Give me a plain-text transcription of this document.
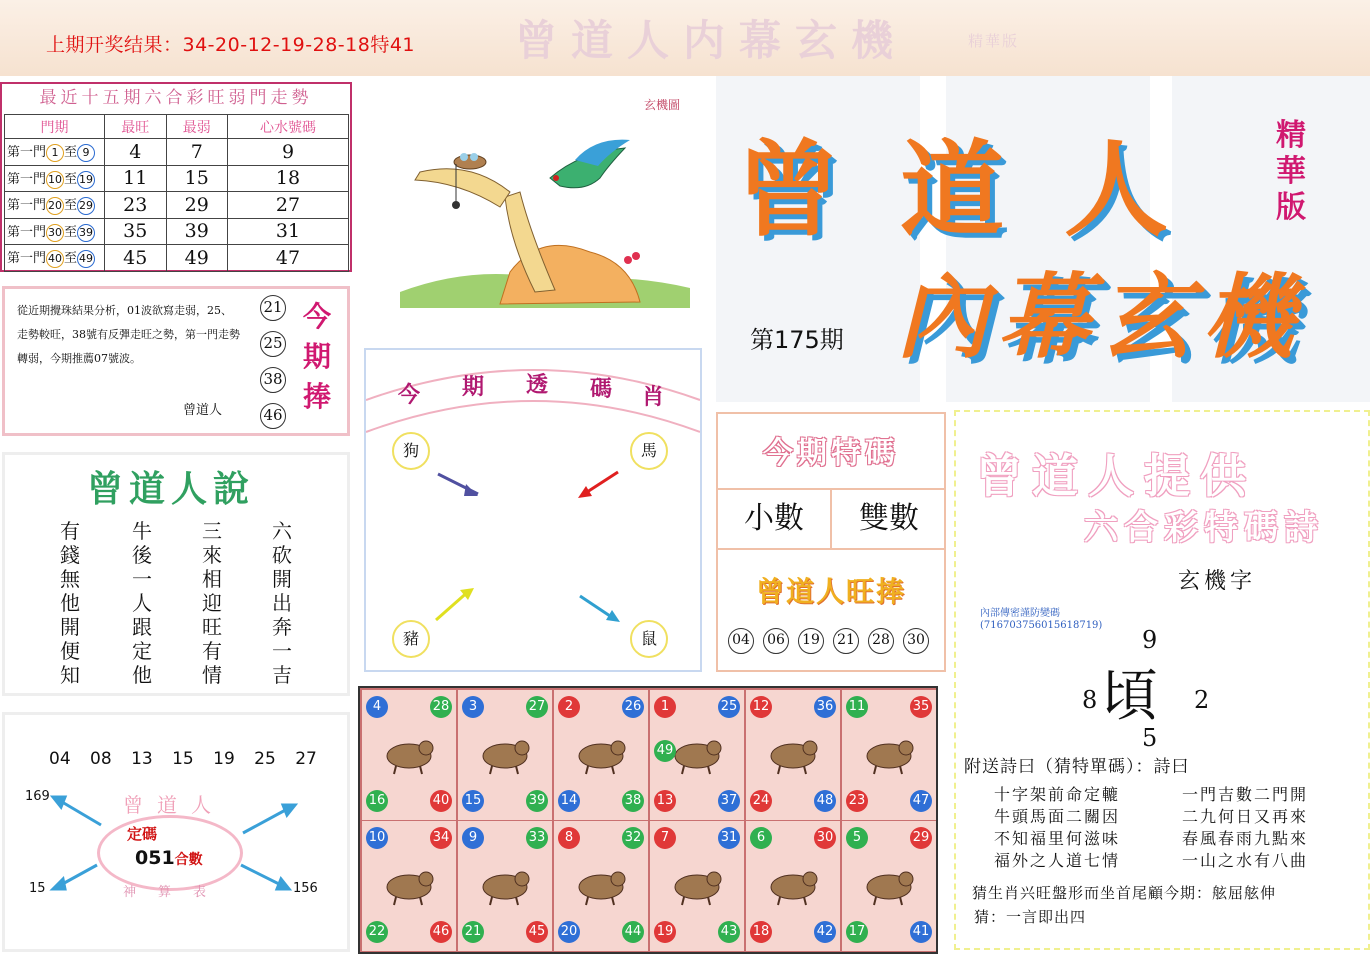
上期开奖结果：34-20-12-19-28-18特41 曾道人内幕玄機	精華版
最近十五期六合彩旺弱門走勢
門期	最旺	最弱	心水號碼
第一門 1 至 9	4	7	9
第一門 10 至 19	11	15	18
第一門 20 至 29	23	29	27
第一門 30 至 39	35	39	31
第一門 40 至 49	45	49	47
從近期攪珠結果分析，01波欲寫走弱，25、走勢較旺，38號有反彈走旺之勢，第一門走勢轉弱，今期推薦07號波。
曾道人
21
25
38
46
今期捧
曾道人說
有錢無他開便知
牛後一人跟定他
三來相迎旺有情
六砍開出奔一吉
04 08 13 15 19 25 27
曾道人
定碼
051合數
169
15	156
神算表
玄機圖
今 期 透 碼 肖
狗	馬
豬	鼠
曾道人
內幕玄機
精華版
第175期
今期特碼
小數	雙數
曾道人旺捧
04 06 19 21 28 30
曾道人提供
六合彩特碼詩
玄機字
內部傳密謹防變碼
(716703756015618719)
頃
9
8	2
5
附送詩曰（猜特單碼）：詩曰
十字架前命定轆
牛頭馬面二關因
不知福里何滋味
福外之人道七情
一門吉數二門開
二九何日又再來
春風春雨九點來
一山之水有八曲
猜生肖兴旺盤形而坐首尾顧今期：舷屈舷伸
猜：一言即出四
4	28
16	40
3	27
15	39
2	26
14	38
1	25
13	37
49
12	36
24	48
11	35
23	47
10	34
22	46
9	33
21	45
8	32
20	44
7	31
19	43
6	30
18	42
5	29
17	41
